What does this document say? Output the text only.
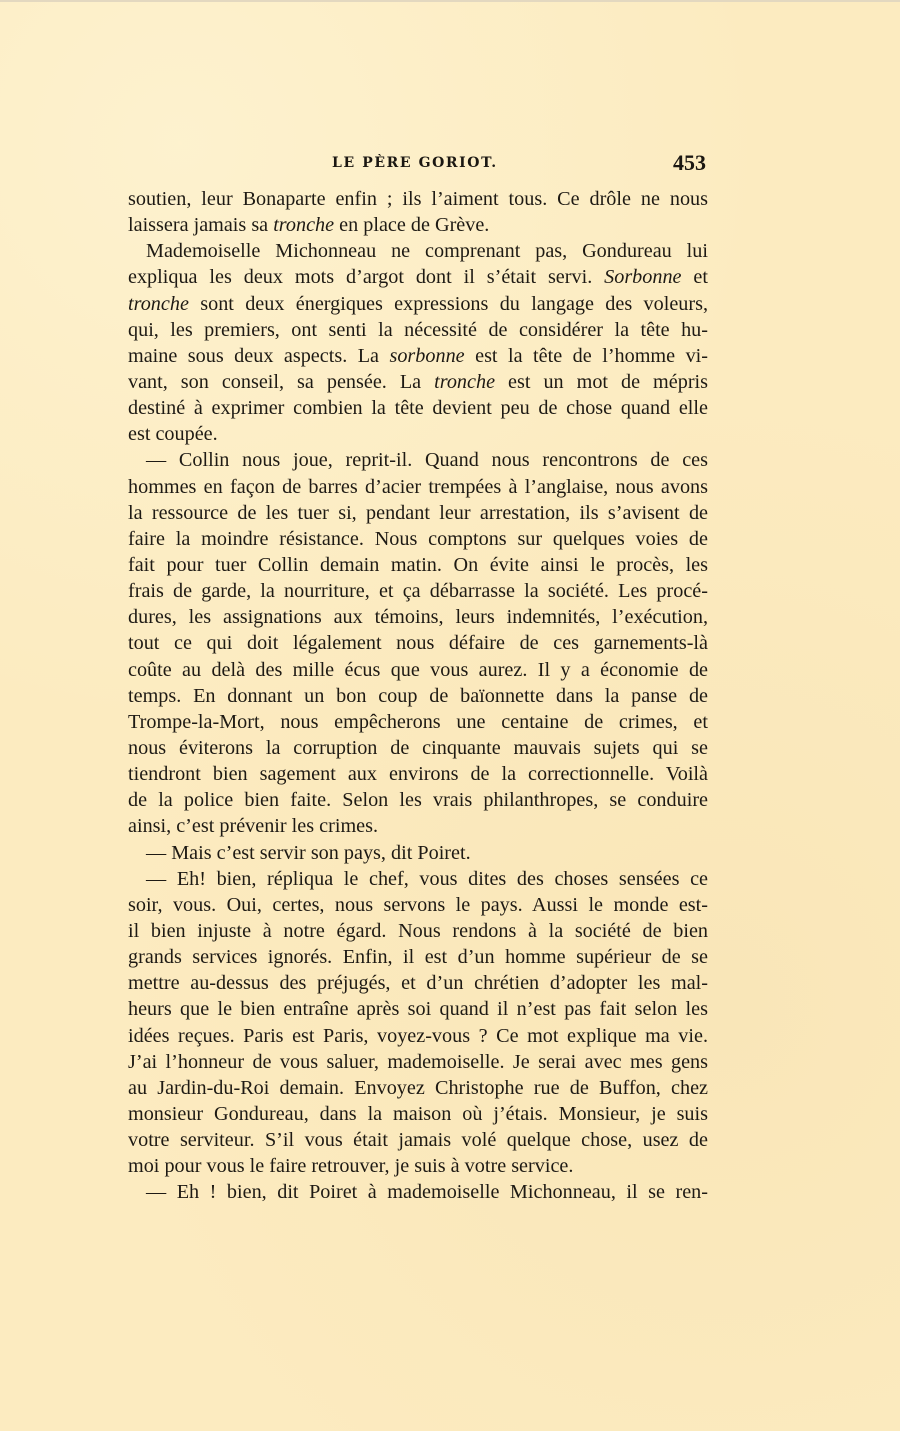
LE PÈRE GORIOT.	453
soutien, leur Bonaparte enfin ; ils l’aiment tous. Ce drôle ne nous
laissera jamais sa tronche en place de Grève.
Mademoiselle Michonneau ne comprenant pas, Gondureau lui
expliqua les deux mots d’argot dont il s’était servi. Sorbonne et
tronche sont deux énergiques expressions du langage des voleurs,
qui, les premiers, ont senti la nécessité de considérer la tête hu-
maine sous deux aspects. La sorbonne est la tête de l’homme vi-
vant, son conseil, sa pensée. La tronche est un mot de mépris
destiné à exprimer combien la tête devient peu de chose quand elle
est coupée.
— Collin nous joue, reprit-il. Quand nous rencontrons de ces
hommes en façon de barres d’acier trempées à l’anglaise, nous avons
la ressource de les tuer si, pendant leur arrestation, ils s’avisent de
faire la moindre résistance. Nous comptons sur quelques voies de
fait pour tuer Collin demain matin. On évite ainsi le procès, les
frais de garde, la nourriture, et ça débarrasse la société. Les procé-
dures, les assignations aux témoins, leurs indemnités, l’exécution,
tout ce qui doit légalement nous défaire de ces garnements-là
coûte au delà des mille écus que vous aurez. Il y a économie de
temps. En donnant un bon coup de baïonnette dans la panse de
Trompe-la-Mort, nous empêcherons une centaine de crimes, et
nous éviterons la corruption de cinquante mauvais sujets qui se
tiendront bien sagement aux environs de la correctionnelle. Voilà
de la police bien faite. Selon les vrais philanthropes, se conduire
ainsi, c’est prévenir les crimes.
— Mais c’est servir son pays, dit Poiret.
— Eh! bien, répliqua le chef, vous dites des choses sensées ce
soir, vous. Oui, certes, nous servons le pays. Aussi le monde est-
il bien injuste à notre égard. Nous rendons à la société de bien
grands services ignorés. Enfin, il est d’un homme supérieur de se
mettre au-dessus des préjugés, et d’un chrétien d’adopter les mal-
heurs que le bien entraîne après soi quand il n’est pas fait selon les
idées reçues. Paris est Paris, voyez-vous ? Ce mot explique ma vie.
J’ai l’honneur de vous saluer, mademoiselle. Je serai avec mes gens
au Jardin-du-Roi demain. Envoyez Christophe rue de Buffon, chez
monsieur Gondureau, dans la maison où j’étais. Monsieur, je suis
votre serviteur. S’il vous était jamais volé quelque chose, usez de
moi pour vous le faire retrouver, je suis à votre service.
— Eh ! bien, dit Poiret à mademoiselle Michonneau, il se ren-
